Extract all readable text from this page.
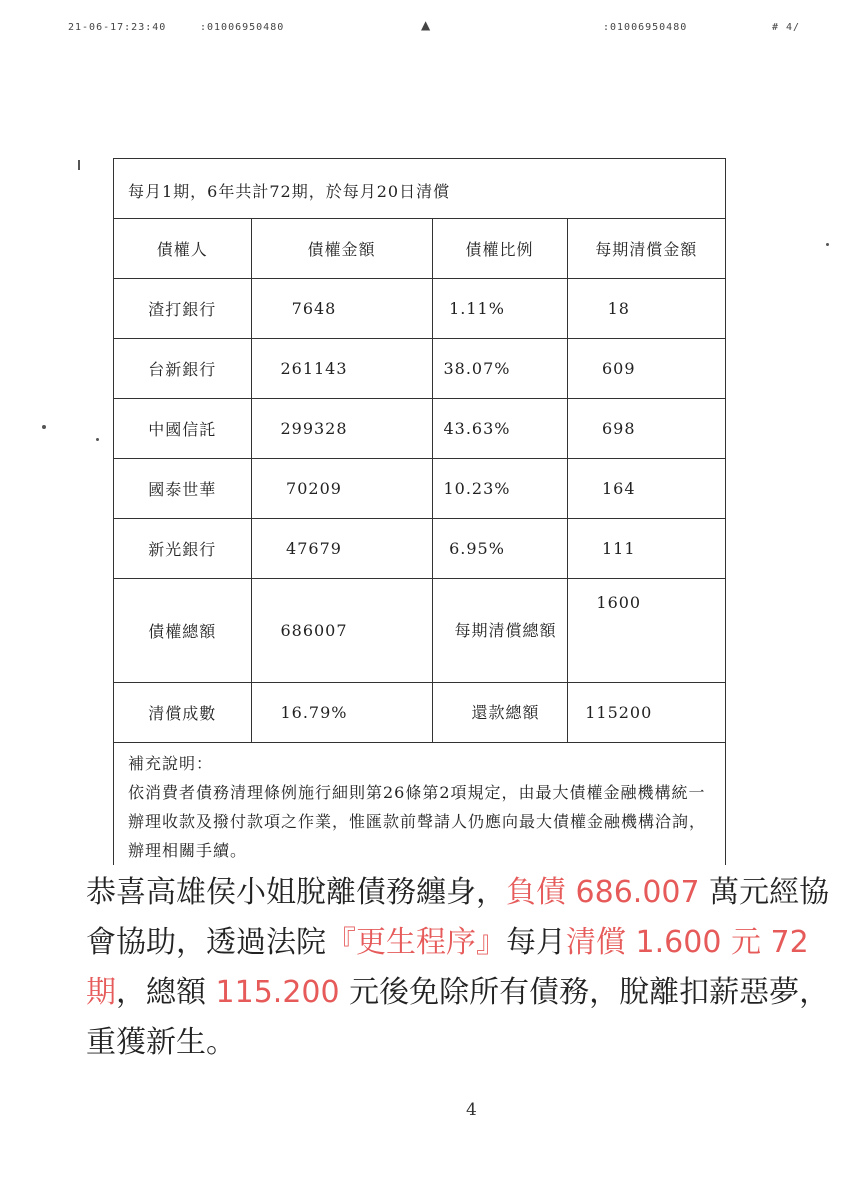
21-06-17:23:40	:01006950480	▲	:01006950480	# 4/
每月1期，6年共計72期，於每月20日清償
債權人	債權金額	債權比例	每期清償金額
渣打銀行	7648	1.11%	18
台新銀行	261143	38.07%	609
中國信託	299328	43.63%	698
國泰世華	70209	10.23%	164
新光銀行	47679	6.95%	111
債權總額	686007	每期清償總額	1600
清償成數	16.79%	還款總額	115200
補充說明：
依消費者債務清理條例施行細則第26條第2項規定，由最大債權金融機構統一辦理收款及撥付款項之作業，惟匯款前聲請人仍應向最大債權金融機構洽詢，辦理相關手續。
恭喜高雄侯小姐脫離債務纏身，負債 686.007 萬元經協會協助，透過法院『更生程序』每月清償 1.600 元 72 期，總額 115.200 元後免除所有債務，脫離扣薪惡夢，重獲新生。
4
